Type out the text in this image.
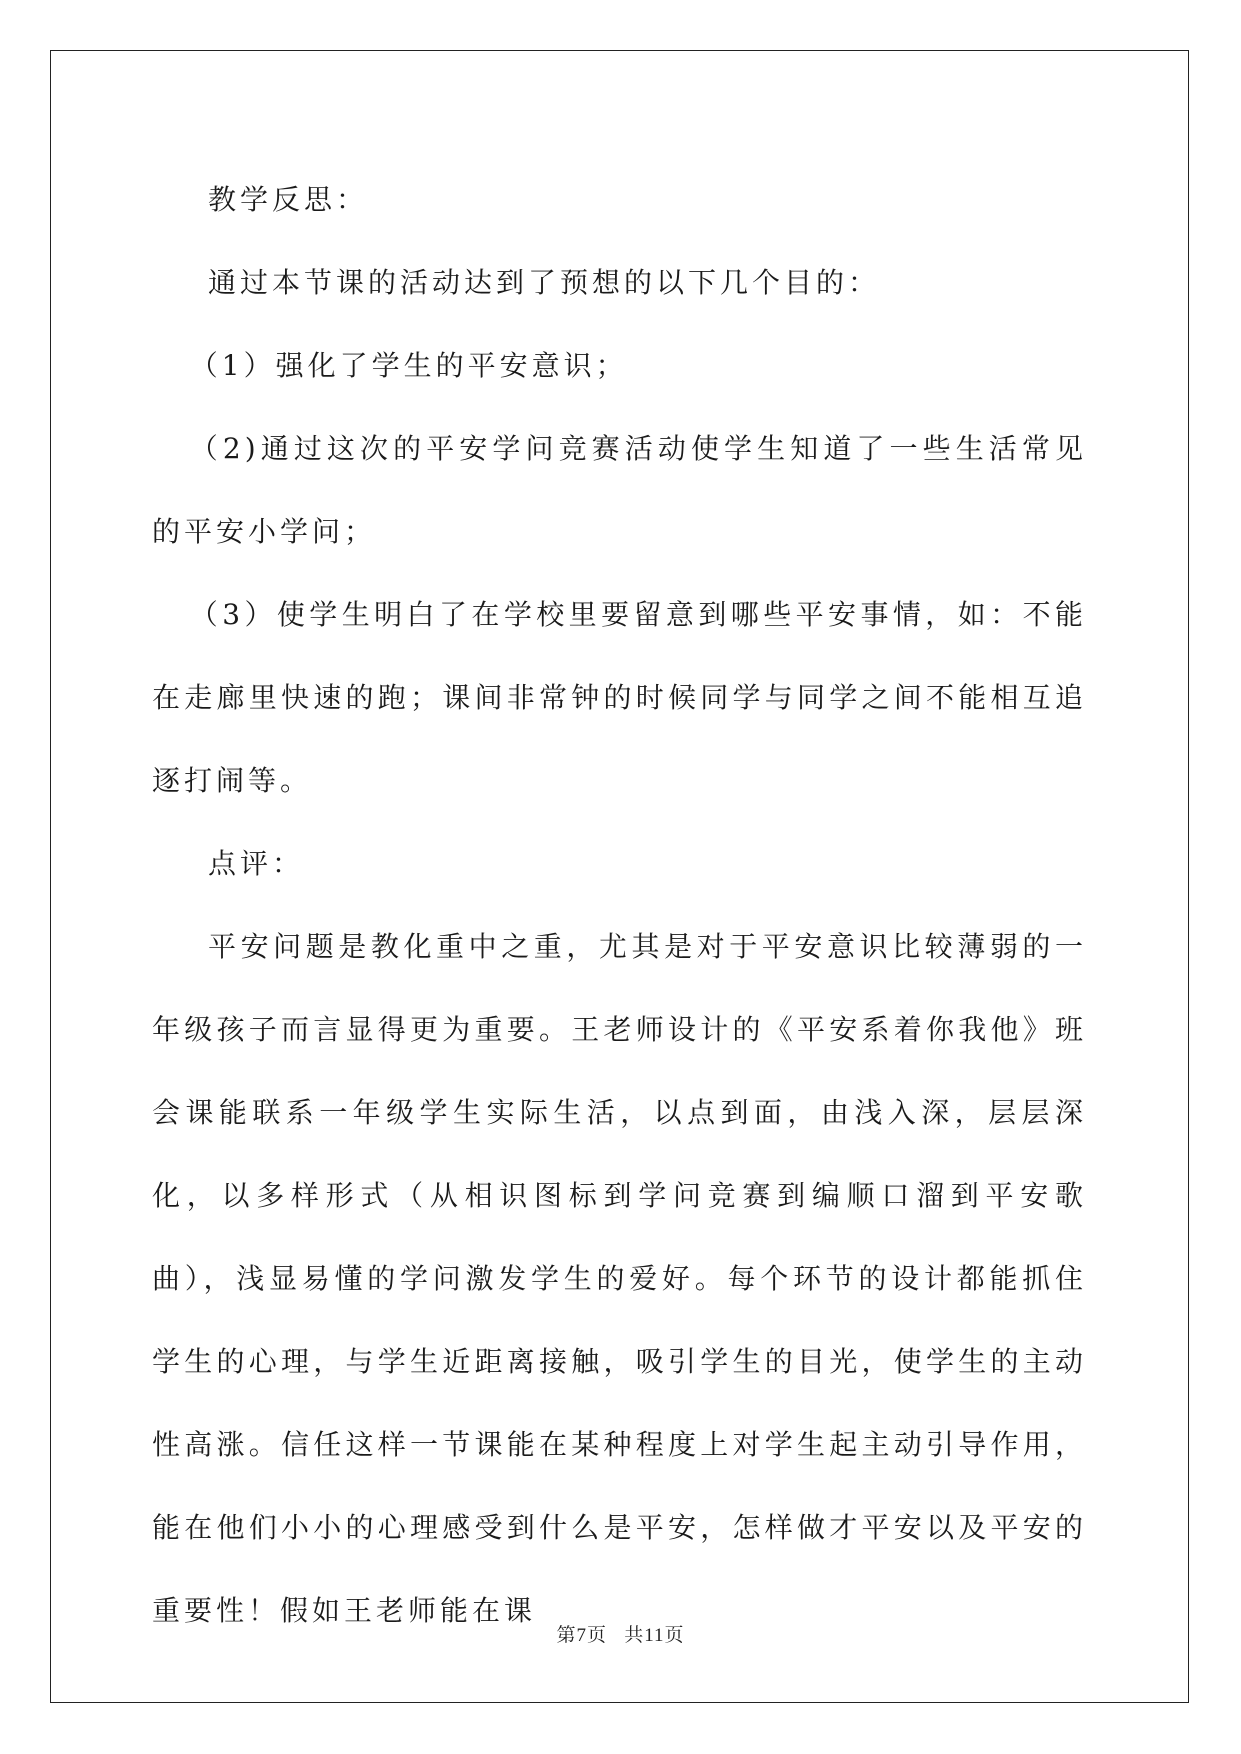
教学反思：

通过本节课的活动达到了预想的以下几个目的：

（1）强化了学生的平安意识；

（2)通过这次的平安学问竞赛活动使学生知道了一些生活常见的平安小学问；

（3）使学生明白了在学校里要留意到哪些平安事情，如：不能在走廊里快速的跑；课间非常钟的时候同学与同学之间不能相互追逐打闹等。

点评：

平安问题是教化重中之重，尤其是对于平安意识比较薄弱的一年级孩子而言显得更为重要。王老师设计的《平安系着你我他》班会课能联系一年级学生实际生活，以点到面，由浅入深，层层深化，以多样形式（从相识图标到学问竞赛到编顺口溜到平安歌曲），浅显易懂的学问激发学生的爱好。每个环节的设计都能抓住学生的心理，与学生近距离接触，吸引学生的目光，使学生的主动性高涨。信任这样一节课能在某种程度上对学生起主动引导作用，能在他们小小的心理感受到什么是平安，怎样做才平安以及平安的重要性！假如王老师能在课

第7页 共11页
